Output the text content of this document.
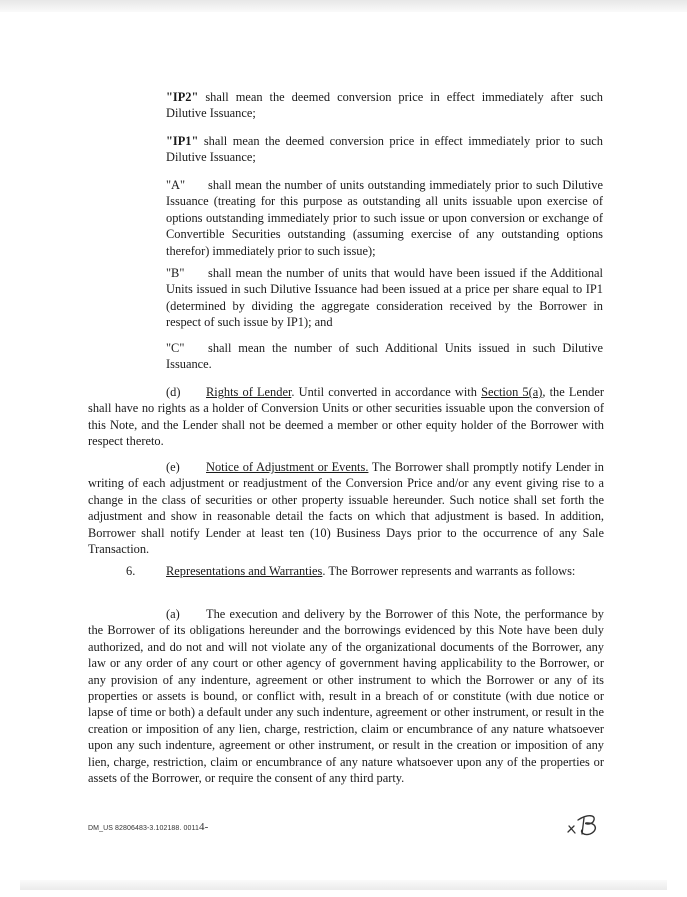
"IP2" shall mean the deemed conversion price in effect immediately after such Dilutive Issuance;

"IP1" shall mean the deemed conversion price in effect immediately prior to such Dilutive Issuance;

"A" shall mean the number of units outstanding immediately prior to such Dilutive Issuance (treating for this purpose as outstanding all units issuable upon exercise of options outstanding immediately prior to such issue or upon conversion or exchange of Convertible Securities outstanding (assuming exercise of any outstanding options therefor) immediately prior to such issue);

"B" shall mean the number of units that would have been issued if the Additional Units issued in such Dilutive Issuance had been issued at a price per share equal to IP1 (determined by dividing the aggregate consideration received by the Borrower in respect of such issue by IP1); and

"C" shall mean the number of such Additional Units issued in such Dilutive Issuance.

(d) Rights of Lender. Until converted in accordance with Section 5(a), the Lender shall have no rights as a holder of Conversion Units or other securities issuable upon the conversion of this Note, and the Lender shall not be deemed a member or other equity holder of the Borrower with respect thereto.

(e) Notice of Adjustment or Events. The Borrower shall promptly notify Lender in writing of each adjustment or readjustment of the Conversion Price and/or any event giving rise to a change in the class of securities or other property issuable hereunder. Such notice shall set forth the adjustment and show in reasonable detail the facts on which that adjustment is based. In addition, Borrower shall notify Lender at least ten (10) Business Days prior to the occurrence of any Sale Transaction.

6. Representations and Warranties. The Borrower represents and warrants as follows:

(a) The execution and delivery by the Borrower of this Note, the performance by the Borrower of its obligations hereunder and the borrowings evidenced by this Note have been duly authorized, and do not and will not violate any of the organizational documents of the Borrower, any law or any order of any court or other agency of government having applicability to the Borrower, or any provision of any indenture, agreement or other instrument to which the Borrower or any of its properties or assets is bound, or conflict with, result in a breach of or constitute (with due notice or lapse of time or both) a default under any such indenture, agreement or other instrument, or result in the creation or imposition of any lien, charge, restriction, claim or encumbrance of any nature whatsoever upon any such indenture, agreement or other instrument, or result in the creation or imposition of any lien, charge, restriction, claim or encumbrance of any nature whatsoever upon any of the properties or assets of the Borrower, or require the consent of any third party.

DM_US 82806483-3.102188. 00114-
